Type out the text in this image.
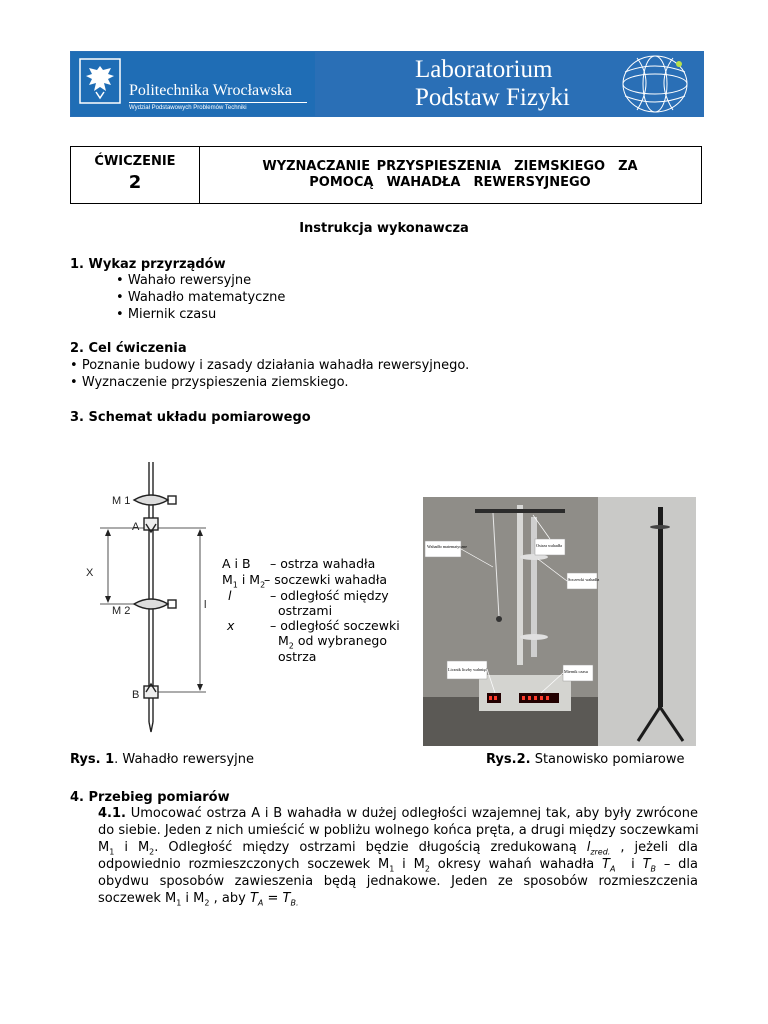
Politechnika Wrocławska
Wydział Podstawowych Problemów Techniki
Laboratorium
Podstaw Fizyki
ĆWICZENIE
2
WYZNACZANIE PRZYSPIESZENIA  ZIEMSKIEGO  ZA
POMOCĄ  WAHADŁA  REWERSYJNEGO
Instrukcja wykonawcza
1. Wykaz przyrządów
• Wahało rewersyjne
• Wahadło matematyczne
• Miernik czasu
2. Cel ćwiczenia
• Poznanie budowy i zasady działania wahadła rewersyjnego.
• Wyznaczenie przyspieszenia ziemskiego.
3. Schemat układu pomiarowego
M 1
A
X
M 2	l
B
A i B – ostrza wahadła
$M_1$ i $M_2$
– soczewki wahadła
l	– odległość między
ostrzami
x	– odległość soczewki
$M_2$ od wybranego
ostrza
Wahadło matematyczne	Ostrza wahadła
Soczewki wahadła
Licznik liczby wahnięć	Miernik czasu
Rys. 1. Wahadło rewersyjne	Rys.2. Stanowisko pomiarowe
4. Przebieg pomiarów
4.1. Umocować ostrza A i B wahadła w dużej odległości wzajemnej tak, aby były zwrócone
do siebie. Jeden z nich umieścić w pobliżu wolnego końca pręta, a drugi między soczewkami
$M_1$  i  $M_2$.  Odległość  między  ostrzami  będzie  długością  zredukowaną  $l_{zred.}$  ,  jeżeli  dla
odpowiednio rozmieszczonych soczewek $M_1$ i $M_2$ okresy wahań wahadła $T_A$  i $T_B$ – dla
obydwu sposobów zawieszenia będą jednakowe. Jeden ze sposobów rozmieszczenia
soczewek $M_1$ i $M_2$ , aby $T_A = T_{B.}$
